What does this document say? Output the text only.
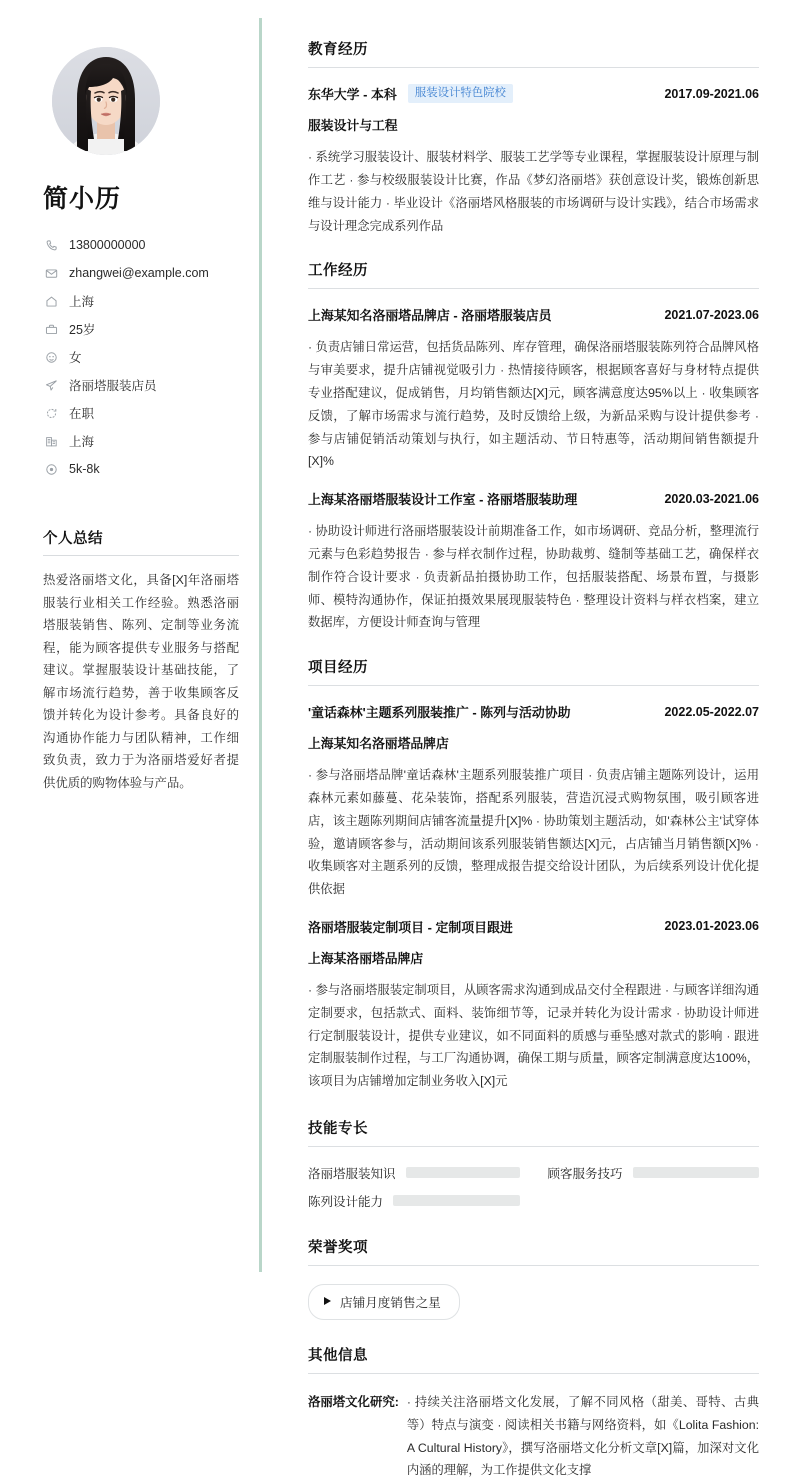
简小历
13800000000
zhangwei@example.com
上海
25岁
女
洛丽塔服装店员
在职
上海
5k-8k
个人总结

热爱洛丽塔文化，具备[X]年洛丽塔服装行业相关工作经验。熟悉洛丽塔服装销售、陈列、定制等业务流程，能为顾客提供专业服务与搭配建议。掌握服装设计基础技能，了解市场流行趋势，善于收集顾客反馈并转化为设计参考。具备良好的沟通协作能力与团队精神，工作细致负责，致力于为洛丽塔爱好者提供优质的购物体验与产品。

教育经历
东华大学 - 本科	服装设计特色院校	2017.09-2021.06
服装设计与工程

· 系统学习服装设计、服装材料学、服装工艺学等专业课程，掌握服装设计原理与制作工艺 · 参与校级服装设计比赛，作品《梦幻洛丽塔》获创意设计奖，锻炼创新思维与设计能力 · 毕业设计《洛丽塔风格服装的市场调研与设计实践》，结合市场需求与设计理念完成系列作品

工作经历
上海某知名洛丽塔品牌店 - 洛丽塔服装店员	2021.07-2023.06

· 负责店铺日常运营，包括货品陈列、库存管理，确保洛丽塔服装陈列符合品牌风格与审美要求，提升店铺视觉吸引力 · 热情接待顾客，根据顾客喜好与身材特点提供专业搭配建议，促成销售，月均销售额达[X]元，顾客满意度达95%以上 · 收集顾客反馈，了解市场需求与流行趋势，及时反馈给上级，为新品采购与设计提供参考 · 参与店铺促销活动策划与执行，如主题活动、节日特惠等，活动期间销售额提升[X]%

上海某洛丽塔服装设计工作室 - 洛丽塔服装助理	2020.03-2021.06

· 协助设计师进行洛丽塔服装设计前期准备工作，如市场调研、竞品分析，整理流行元素与色彩趋势报告 · 参与样衣制作过程，协助裁剪、缝制等基础工艺，确保样衣制作符合设计要求 · 负责新品拍摄协助工作，包括服装搭配、场景布置，与摄影师、模特沟通协作，保证拍摄效果展现服装特色 · 整理设计资料与样衣档案，建立数据库，方便设计师查询与管理

项目经历
'童话森林'主题系列服装推广 - 陈列与活动协助	2022.05-2022.07
上海某知名洛丽塔品牌店

· 参与洛丽塔品牌'童话森林'主题系列服装推广项目 · 负责店铺主题陈列设计，运用森林元素如藤蔓、花朵装饰，搭配系列服装，营造沉浸式购物氛围，吸引顾客进店，该主题陈列期间店铺客流量提升[X]% · 协助策划主题活动，如'森林公主'试穿体验，邀请顾客参与，活动期间该系列服装销售额达[X]元，占店铺当月销售额[X]% · 收集顾客对主题系列的反馈，整理成报告提交给设计团队，为后续系列设计优化提供依据

洛丽塔服装定制项目 - 定制项目跟进	2023.01-2023.06
上海某洛丽塔品牌店

· 参与洛丽塔服装定制项目，从顾客需求沟通到成品交付全程跟进 · 与顾客详细沟通定制要求，包括款式、面料、装饰细节等，记录并转化为设计需求 · 协助设计师进行定制服装设计，提供专业建议，如不同面料的质感与垂坠感对款式的影响 · 跟进定制服装制作过程，与工厂沟通协调，确保工期与质量，顾客定制满意度达100%，该项目为店铺增加定制业务收入[X]元

技能专长
洛丽塔服装知识	顾客服务技巧
陈列设计能力
荣誉奖项
店铺月度销售之星
其他信息
洛丽塔文化研究: · 持续关注洛丽塔文化发展，了解不同风格（甜美、哥特、古典等）特点与演变 · 阅读相关书籍与网络资料，如《Lolita Fashion: A Cultural History》，撰写洛丽塔文化分析文章[X]篇，加深对文化内涵的理解，为工作提供文化支撑
